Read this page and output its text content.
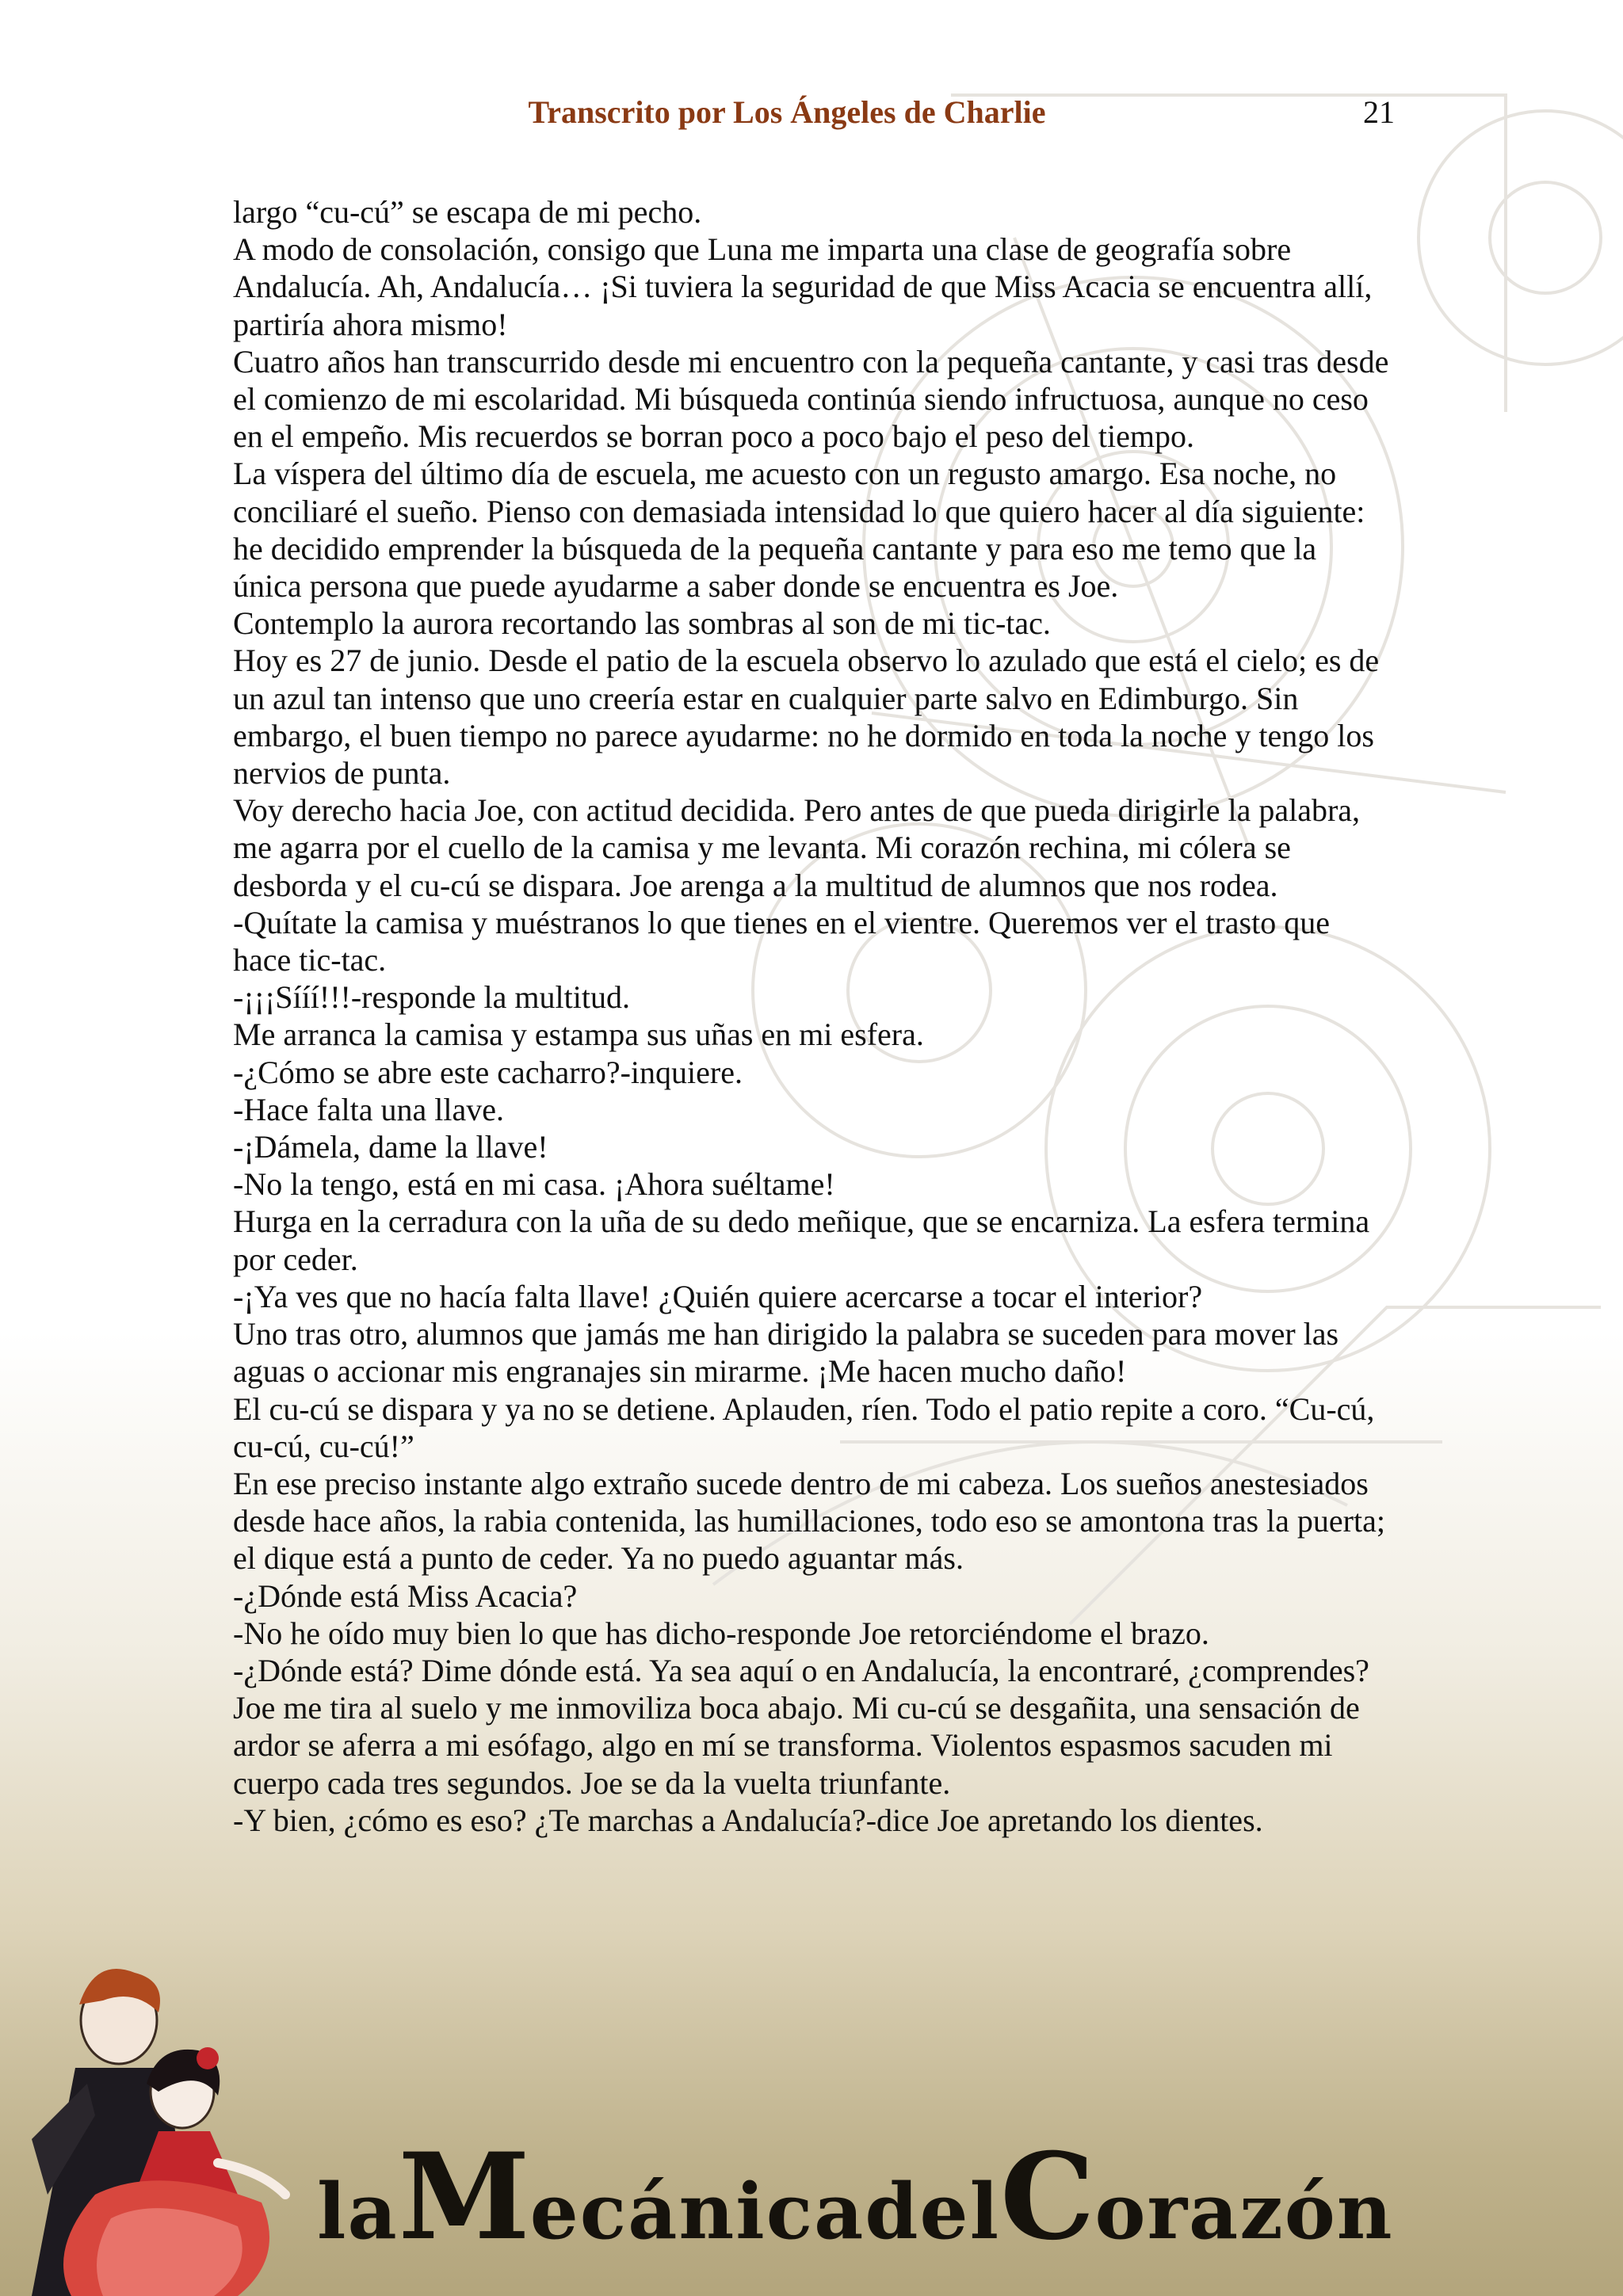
Transcrito por Los Ángeles de Charlie	21

largo “cu-cú” se escapa de mi pecho.

A modo de consolación, consigo que Luna me imparta una clase de geografía sobre Andalucía. Ah, Andalucía… ¡Si tuviera la seguridad de que Miss Acacia se encuentra allí, partiría ahora mismo!

Cuatro años han transcurrido desde mi encuentro con la pequeña cantante, y casi tras desde el comienzo de mi escolaridad. Mi búsqueda continúa siendo infructuosa, aunque no ceso en el empeño. Mis recuerdos se borran poco a poco bajo el peso del tiempo.

La víspera del último día de escuela, me acuesto con un regusto amargo. Esa noche, no conciliaré el sueño. Pienso con demasiada intensidad lo que quiero hacer al día siguiente: he decidido emprender la búsqueda de la pequeña cantante y para eso me temo que la única persona que puede ayudarme a saber donde se encuentra es Joe.

Contemplo la aurora recortando las sombras al son de mi tic-tac.

Hoy es 27 de junio. Desde el patio de la escuela observo lo azulado que está el cielo; es de un azul tan intenso que uno creería estar en cualquier parte salvo en Edimburgo. Sin embargo, el buen tiempo no parece ayudarme: no he dormido en toda la noche y tengo los nervios de punta.

Voy derecho hacia Joe, con actitud decidida. Pero antes de que pueda dirigirle la palabra, me agarra por el cuello de la camisa y me levanta. Mi corazón rechina, mi cólera se desborda y el cu-cú se dispara. Joe arenga a la multitud de alumnos que nos rodea.

-Quítate la camisa y muéstranos lo que tienes en el vientre. Queremos ver el trasto que hace tic-tac.

-¡¡¡Sííí!!!-responde la multitud.

Me arranca la camisa y estampa sus uñas en mi esfera.

-¿Cómo se abre este cacharro?-inquiere.

-Hace falta una llave.

-¡Dámela, dame la llave!

-No la tengo, está en mi casa. ¡Ahora suéltame!

Hurga en la cerradura con la uña de su dedo meñique, que se encarniza. La esfera termina por ceder.

-¡Ya ves que no hacía falta llave! ¿Quién quiere acercarse a tocar el interior?

Uno tras otro, alumnos que jamás me han dirigido la palabra se suceden para mover las aguas o accionar mis engranajes sin mirarme. ¡Me hacen mucho daño!

El cu-cú se dispara y ya no se detiene. Aplauden, ríen. Todo el patio repite a coro. “Cu-cú, cu-cú, cu-cú!”

En ese preciso instante algo extraño sucede dentro de mi cabeza. Los sueños anestesiados desde hace años, la rabia contenida, las humillaciones, todo eso se amontona tras la puerta; el dique está a punto de ceder. Ya no puedo aguantar más.

-¿Dónde está Miss Acacia?

-No he oído muy bien lo que has dicho-responde Joe retorciéndome el brazo.

-¿Dónde está? Dime dónde está. Ya sea aquí o en Andalucía, la encontraré, ¿comprendes?

Joe me tira al suelo y me inmoviliza boca abajo. Mi cu-cú se desgañita, una sensación de ardor se aferra a mi esófago, algo en mí se transforma. Violentos espasmos sacuden mi cuerpo cada tres segundos. Joe se da la vuelta triunfante.

-Y bien, ¿cómo es eso? ¿Te marchas a Andalucía?-dice Joe apretando los dientes.

la M ecánica del C orazón
